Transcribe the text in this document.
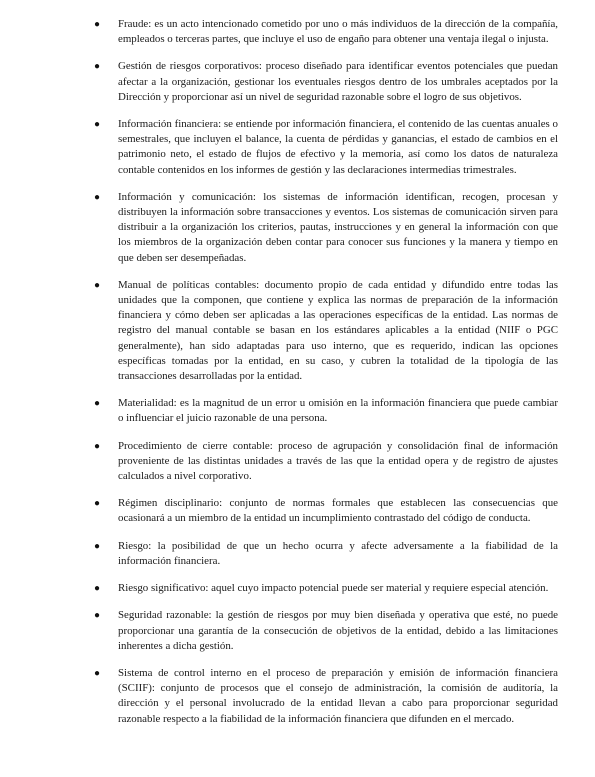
●	Fraude: es un acto intencionado cometido por uno o más individuos de la dirección de la compañía, empleados o terceras partes, que incluye el uso de engaño para obtener una ventaja ilegal o injusta.
●	Gestión de riesgos corporativos: proceso diseñado para identificar eventos potenciales que puedan afectar a la organización, gestionar los eventuales riesgos dentro de los umbrales aceptados por la Dirección y proporcionar así un nivel de seguridad razonable sobre el logro de sus objetivos.
●	Información financiera: se entiende por información financiera, el contenido de las cuentas anuales o semestrales, que incluyen el balance, la cuenta de pérdidas y ganancias, el estado de cambios en el patrimonio neto, el estado de flujos de efectivo y la memoria, así como los datos de naturaleza contable contenidos en los informes de gestión y las declaraciones intermedias trimestrales.
●	Información y comunicación: los sistemas de información identifican, recogen, procesan y distribuyen la información sobre transacciones y eventos. Los sistemas de comunicación sirven para distribuir a la organización los criterios, pautas, instrucciones y en general la información con que los miembros de la organización deben contar para conocer sus funciones y la manera y tiempo en que deben ser desempeñadas.
●	Manual de políticas contables: documento propio de cada entidad y difundido entre todas las unidades que la componen, que contiene y explica las normas de preparación de la información financiera y cómo deben ser aplicadas a las operaciones específicas de la entidad. Las normas de registro del manual contable se basan en los estándares aplicables a la entidad (NIIF o PGC generalmente), han sido adaptadas para uso interno, que es requerido, indican las opciones específicas tomadas por la entidad, en su caso, y cubren la totalidad de la tipología de las transacciones desarrolladas por la entidad.
●	Materialidad: es la magnitud de un error u omisión en la información financiera que puede cambiar o influenciar el juicio razonable de una persona.
●	Procedimiento de cierre contable: proceso de agrupación y consolidación final de información proveniente de las distintas unidades a través de las que la entidad opera y de registro de ajustes calculados a nivel corporativo.
●	Régimen disciplinario: conjunto de normas formales que establecen las consecuencias que ocasionará a un miembro de la entidad un incumplimiento contrastado del código de conducta.
●	Riesgo: la posibilidad de que un hecho ocurra y afecte adversamente a la fiabilidad de la información financiera.
●	Riesgo significativo: aquel cuyo impacto potencial puede ser material y requiere especial atención.
●	Seguridad razonable: la gestión de riesgos por muy bien diseñada y operativa que esté, no puede proporcionar una garantía de la consecución de objetivos de la entidad, debido a las limitaciones inherentes a dicha gestión.
●	Sistema de control interno en el proceso de preparación y emisión de información financiera (SCIIF): conjunto de procesos que el consejo de administración, la comisión de auditoría, la dirección y el personal involucrado de la entidad llevan a cabo para proporcionar seguridad razonable respecto a la fiabilidad de la información financiera que difunden en el mercado.
